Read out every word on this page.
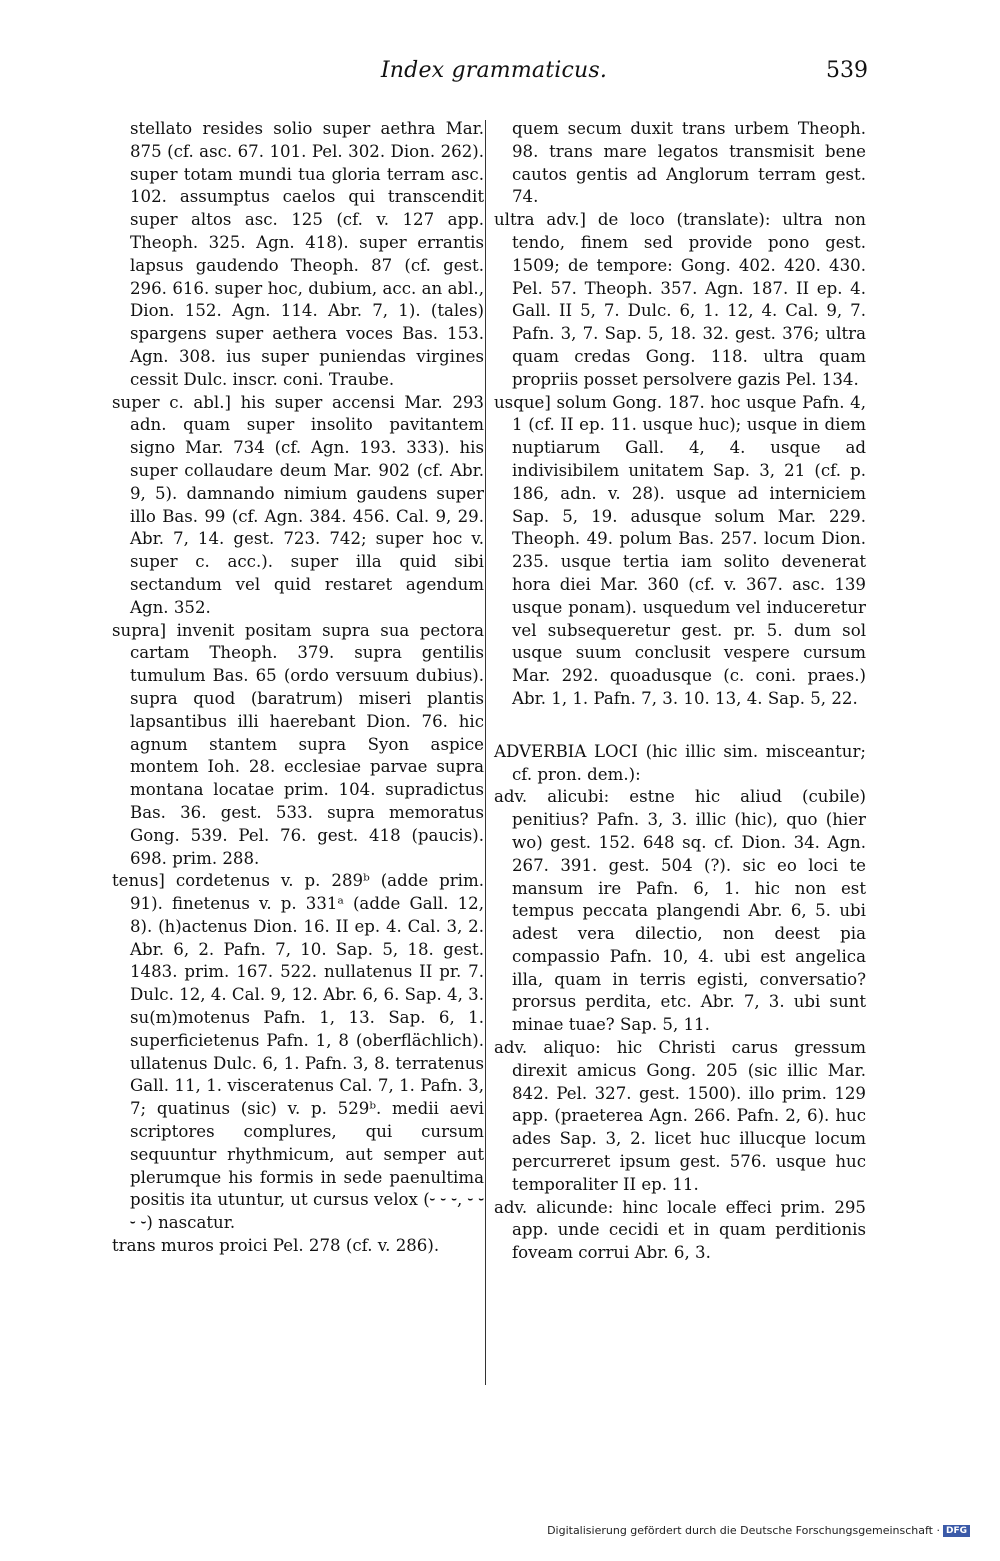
Index grammaticus.	539

stellato resides solio super aethra Mar. 875 (cf. asc. 67. 101. Pel. 302. Dion. 262). super totam mundi tua gloria terram asc. 102. assumptus caelos qui transcendit super altos asc. 125 (cf. v. 127 app. Theoph. 325. Agn. 418). super errantis lapsus gaudendo Theoph. 87 (cf. gest. 296. 616. super hoc, dubium, acc. an abl., Dion. 152. Agn. 114. Abr. 7, 1). (tales) spargens super aethera voces Bas. 153. Agn. 308. ius super puniendas virgines cessit Dulc. inscr. coni. Traube.

super c. abl.] his super accensi Mar. 293 adn. quam super insolito pavitantem signo Mar. 734 (cf. Agn. 193. 333). his super collaudare deum Mar. 902 (cf. Abr. 9, 5). damnando nimium gaudens super illo Bas. 99 (cf. Agn. 384. 456. Cal. 9, 29. Abr. 7, 14. gest. 723. 742; super hoc v. super c. acc.). super illa quid sibi sectandum vel quid restaret agendum Agn. 352.

supra] invenit positam supra sua pectora cartam Theoph. 379. supra gentilis tumulum Bas. 65 (ordo versuum dubius). supra quod (baratrum) miseri plantis lapsantibus illi haerebant Dion. 76. hic agnum stantem supra Syon aspice montem Ioh. 28. ecclesiae parvae supra montana locatae prim. 104. supradictus Bas. 36. gest. 533. supra memoratus Gong. 539. Pel. 76. gest. 418 (paucis). 698. prim. 288.

tenus] cordetenus v. p. 289ᵇ (adde prim. 91). finetenus v. p. 331ᵃ (adde Gall. 12, 8). (h)actenus Dion. 16. II ep. 4. Cal. 3, 2. Abr. 6, 2. Pafn. 7, 10. Sap. 5, 18. gest. 1483. prim. 167. 522. nullatenus II pr. 7. Dulc. 12, 4. Cal. 9, 12. Abr. 6, 6. Sap. 4, 3. su(m)motenus Pafn. 1, 13. Sap. 6, 1. superficietenus Pafn. 1, 8 (oberflächlich). ullatenus Dulc. 6, 1. Pafn. 3, 8. terratenus Gall. 11, 1. visceratenus Cal. 7, 1. Pafn. 3, 7; quatinus (sic) v. p. 529ᵇ. medii aevi scriptores complures, qui cursum sequuntur rhythmicum, aut semper aut plerumque his formis in sede paenultima positis ita utuntur, ut cursus velox (⏑ ⏑ ⏑, ⏑ ⏑ ⏑ ⏑) nascatur.

trans muros proici Pel. 278 (cf. v. 286).

quem secum duxit trans urbem Theoph. 98. trans mare legatos transmisit bene cautos gentis ad Anglorum terram gest. 74.

ultra adv.] de loco (translate): ultra non tendo, finem sed provide pono gest. 1509; de tempore: Gong. 402. 420. 430. Pel. 57. Theoph. 357. Agn. 187. II ep. 4. Gall. II 5, 7. Dulc. 6, 1. 12, 4. Cal. 9, 7. Pafn. 3, 7. Sap. 5, 18. 32. gest. 376; ultra quam credas Gong. 118. ultra quam propriis posset persolvere gazis Pel. 134.

usque] solum Gong. 187. hoc usque Pafn. 4, 1 (cf. II ep. 11. usque huc); usque in diem nuptiarum Gall. 4, 4. usque ad indivisibilem unitatem Sap. 3, 21 (cf. p. 186, adn. v. 28). usque ad interniciem Sap. 5, 19. adusque solum Mar. 229. Theoph. 49. polum Bas. 257. locum Dion. 235. usque tertia iam solito devenerat hora diei Mar. 360 (cf. v. 367. asc. 139 usque ponam). usquedum vel induceretur vel subsequeretur gest. pr. 5. dum sol usque suum conclusit vespere cursum Mar. 292. quoadusque (c. coni. praes.) Abr. 1, 1. Pafn. 7, 3. 10. 13, 4. Sap. 5, 22.

ADVERBIA LOCI (hic illic sim. misceantur; cf. pron. dem.):

adv. alicubi: estne hic aliud (cubile) penitius? Pafn. 3, 3. illic (hic), quo (hier wo) gest. 152. 648 sq. cf. Dion. 34. Agn. 267. 391. gest. 504 (?). sic eo loci te mansum ire Pafn. 6, 1. hic non est tempus peccata plangendi Abr. 6, 5. ubi adest vera dilectio, non deest pia compassio Pafn. 10, 4. ubi est angelica illa, quam in terris egisti, conversatio? prorsus perdita, etc. Abr. 7, 3. ubi sunt minae tuae? Sap. 5, 11.

adv. aliquo: hic Christi carus gressum direxit amicus Gong. 205 (sic illic Mar. 842. Pel. 327. gest. 1500). illo prim. 129 app. (praeterea Agn. 266. Pafn. 2, 6). huc ades Sap. 3, 2. licet huc illucque locum percurreret ipsum gest. 576. usque huc temporaliter II ep. 11.

adv. alicunde: hinc locale effeci prim. 295 app. unde cecidi et in quam perditionis foveam corrui Abr. 6, 3.

Digitalisierung gefördert durch die Deutsche Forschungsgemeinschaft · DFG
